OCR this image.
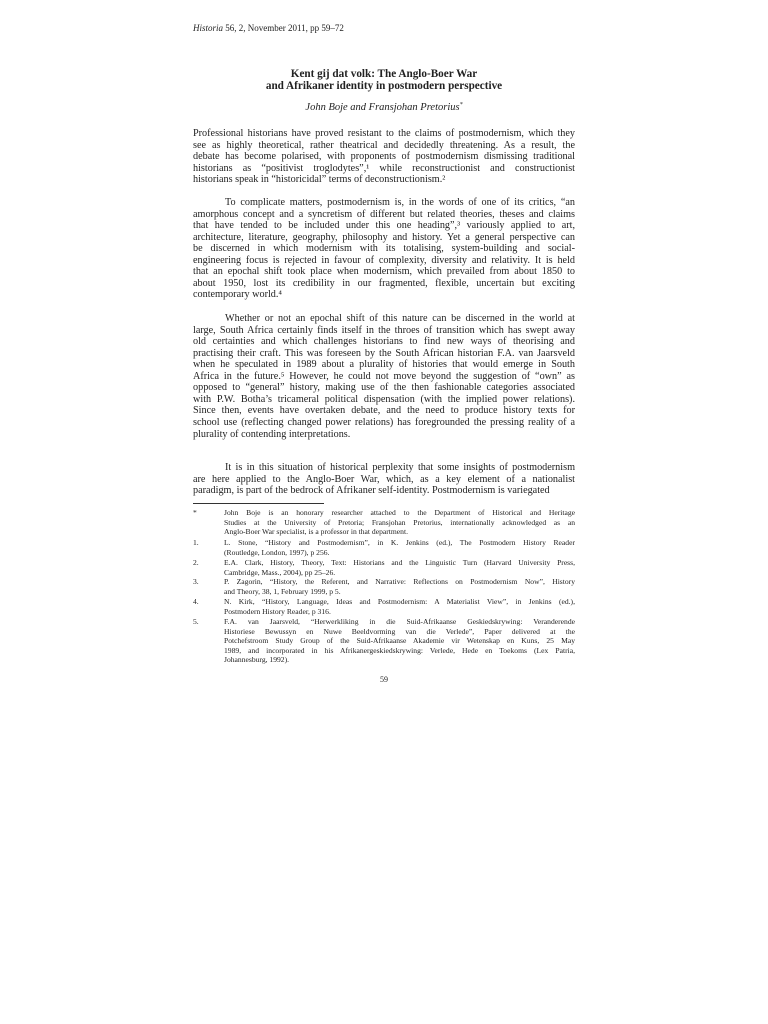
Historia 56, 2, November 2011, pp 59–72
Kent gij dat volk: The Anglo-Boer War
and Afrikaner identity in postmodern perspective
John Boje and Fransjohan Pretorius*
Professional historians have proved resistant to the claims of postmodernism, which they
see as highly theoretical, rather theatrical and decidedly threatening. As a result, the
debate has become polarised, with proponents of postmodernism dismissing traditional
historians as “positivist troglodytes”,¹ while reconstructionist and constructionist
historians speak in “historicidal” terms of deconstructionism.²
To complicate matters, postmodernism is, in the words of one of its critics, “an
amorphous concept and a syncretism of different but related theories, theses and claims
that have tended to be included under this one heading”,³ variously applied to art,
architecture, literature, geography, philosophy and history. Yet a general perspective can
be discerned in which modernism with its totalising, system-building and social-
engineering focus is rejected in favour of complexity, diversity and relativity. It is held
that an epochal shift took place when modernism, which prevailed from about 1850 to
about 1950, lost its credibility in our fragmented, flexible, uncertain but exciting
contemporary world.⁴
Whether or not an epochal shift of this nature can be discerned in the world at
large, South Africa certainly finds itself in the throes of transition which has swept away
old certainties and which challenges historians to find new ways of theorising and
practising their craft. This was foreseen by the South African historian F.A. van Jaarsveld
when he speculated in 1989 about a plurality of histories that would emerge in South
Africa in the future.⁵ However, he could not move beyond the suggestion of “own” as
opposed to “general” history, making use of the then fashionable categories associated
with P.W. Botha’s tricameral political dispensation (with the implied power relations).
Since then, events have overtaken debate, and the need to produce history texts for
school use (reflecting changed power relations) has foregrounded the pressing reality of a
plurality of contending interpretations.
It is in this situation of historical perplexity that some insights of postmodernism
are here applied to the Anglo-Boer War, which, as a key element of a nationalist
paradigm, is part of the bedrock of Afrikaner self-identity. Postmodernism is variegated
*	John Boje is an honorary researcher attached to the Department of Historical and Heritage
Studies at the University of Pretoria; Fransjohan Pretorius, internationally acknowledged as an
Anglo-Boer War specialist, is a professor in that department.
1.	L. Stone, “History and Postmodernism”, in K. Jenkins (ed.), The Postmodern History Reader
(Routledge, London, 1997), p 256.
2.	E.A. Clark, History, Theory, Text: Historians and the Linguistic Turn (Harvard University Press,
Cambridge, Mass., 2004), pp 25–26.
3.	P. Zagorin, “History, the Referent, and Narrative: Reflections on Postmodernism Now”, History
and Theory, 38, 1, February 1999, p 5.
4.	N. Kirk, “History, Language, Ideas and Postmodernism: A Materialist View”, in Jenkins (ed.),
Postmodern History Reader, p 316.
5.	F.A. van Jaarsveld, “Herwerkliking in die Suid-Afrikaanse Geskiedskrywing: Veranderende
Historiese Bewussyn en Nuwe Beeldvorming van die Verlede”, Paper delivered at the
Potchefstroom Study Group of the Suid-Afrikaanse Akademie vir Wetenskap en Kuns, 25 May
1989, and incorporated in his Afrikanergeskiedskrywing: Verlede, Hede en Toekoms (Lex Patria,
Johannesburg, 1992).
59
